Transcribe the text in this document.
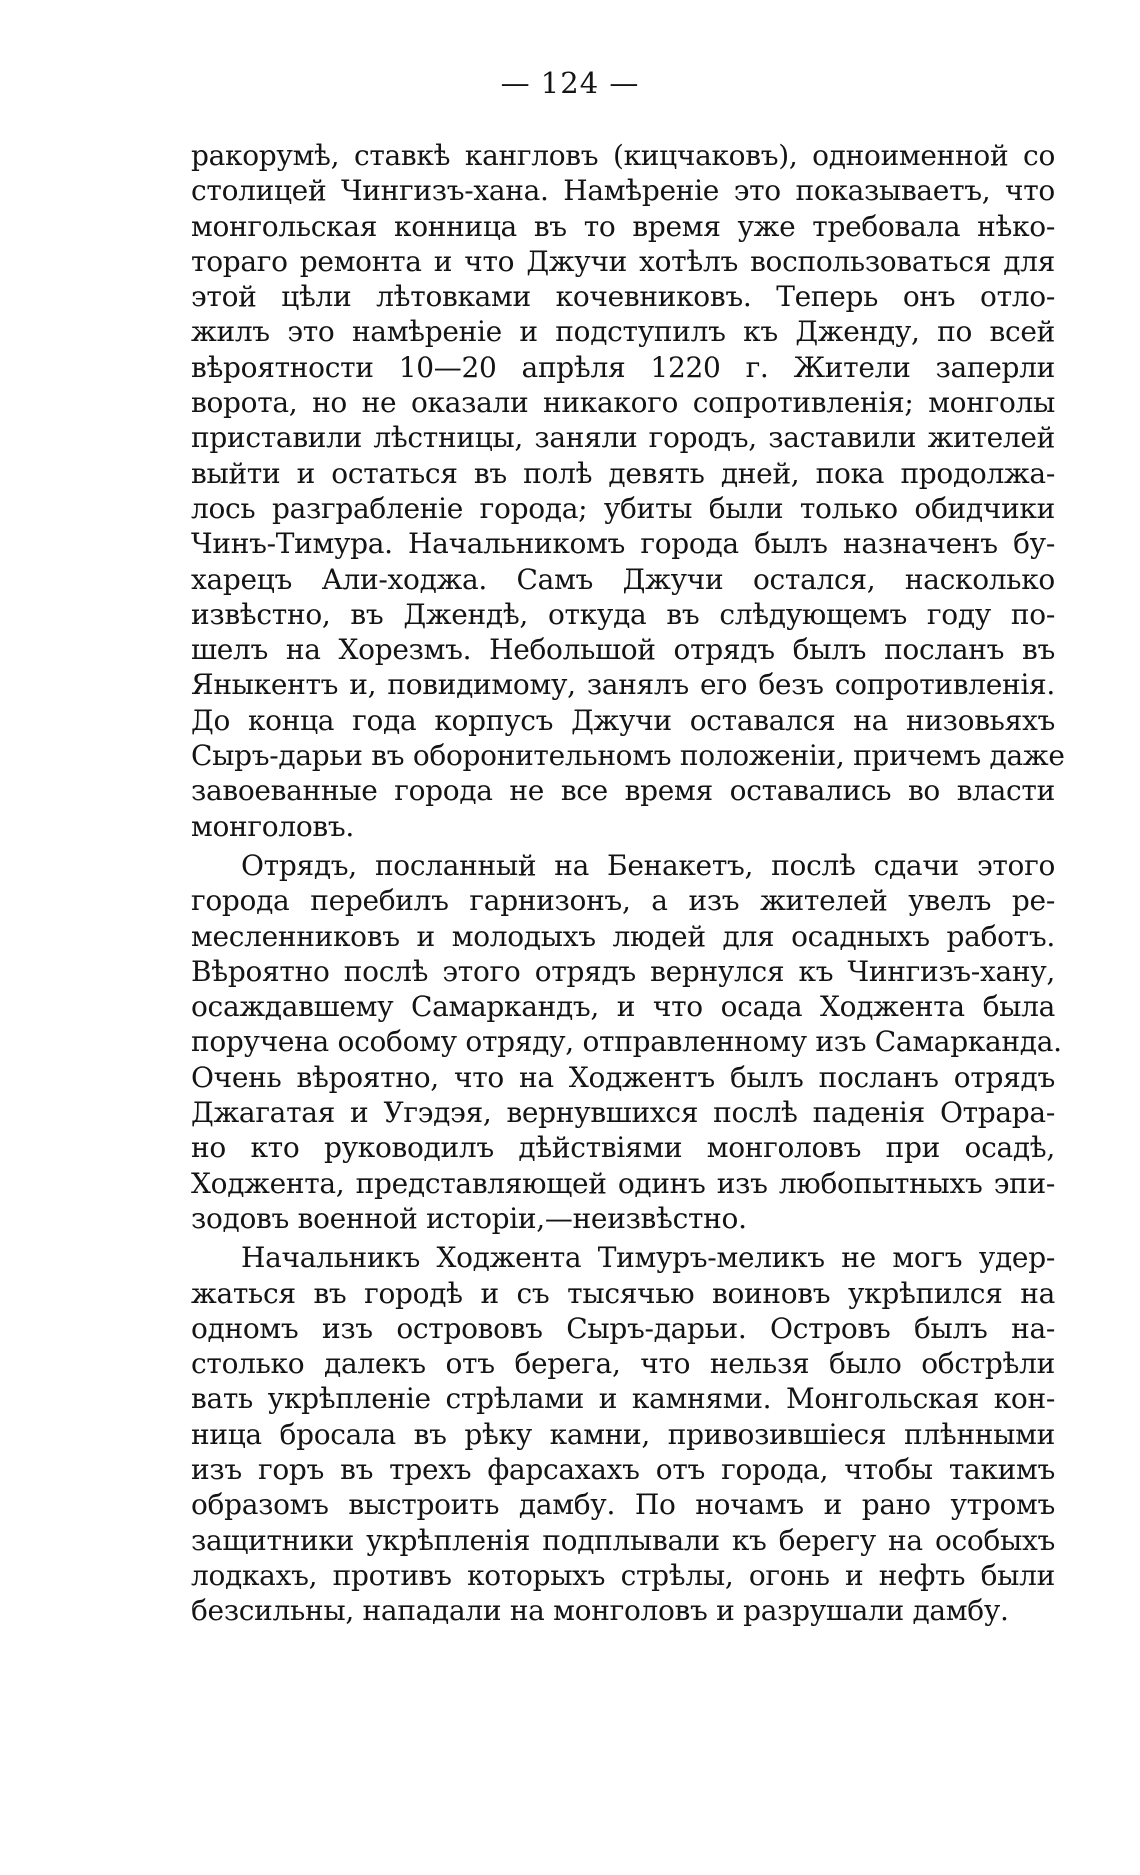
— 124 —
ракорумѣ, ставкѣ кангловъ (кицчаковъ), одноименной со
столицей Чингизъ-хана. Намѣреніе это показываетъ, что
монгольская конница въ то время уже требовала нѣко-
тораго ремонта и что Джучи хотѣлъ воспользоваться для
этой цѣли лѣтовками кочевниковъ. Теперь онъ отло-
жилъ это намѣреніе и подступилъ къ Дженду, по всей
вѣроятности 10—20 апрѣля 1220 г. Жители заперли
ворота, но не оказали никакого сопротивленія; монголы
приставили лѣстницы, заняли городъ, заставили жителей
выйти и остаться въ полѣ девять дней, пока продолжа-
лось разграбленіе города; убиты были только обидчики
Чинъ-Тимура. Начальникомъ города былъ назначенъ бу-
харецъ Али-ходжа. Самъ Джучи остался, насколько
извѣстно, въ Джендѣ, откуда въ слѣдующемъ году по-
шелъ на Хорезмъ. Небольшой отрядъ былъ посланъ въ
Яныкентъ и, повидимому, занялъ его безъ сопротивленія.
До конца года корпусъ Джучи оставался на низовьяхъ
Сыръ-дарьи въ оборонительномъ положеніи, причемъ даже
завоеванные города не все время оставались во власти
монголовъ.
Отрядъ, посланный на Бенакетъ, послѣ сдачи этого
города перебилъ гарнизонъ, а изъ жителей увелъ ре-
месленниковъ и молодыхъ людей для осадныхъ работъ.
Вѣроятно послѣ этого отрядъ вернулся къ Чингизъ-хану,
осаждавшему Самаркандъ, и что осада Ходжента была
поручена особому отряду, отправленному изъ Самарканда.
Очень вѣроятно, что на Ходжентъ былъ посланъ отрядъ
Джагатая и Угэдэя, вернувшихся послѣ паденія Отрара-
но кто руководилъ дѣйствіями монголовъ при осадѣ,
Ходжента, представляющей одинъ изъ любопытныхъ эпи-
зодовъ военной исторіи,—неизвѣстно.
Начальникъ Ходжента Тимуръ-меликъ не могъ удер-
жаться въ городѣ и съ тысячью воиновъ укрѣпился на
одномъ изъ острововъ Сыръ-дарьи. Островъ былъ на-
столько далекъ отъ берега, что нельзя было обстрѣли
вать укрѣпленіе стрѣлами и камнями. Монгольская кон-
ница бросала въ рѣку камни, привозившіеся плѣнными
изъ горъ въ трехъ фарсахахъ отъ города, чтобы такимъ
образомъ выстроить дамбу. По ночамъ и рано утромъ
защитники укрѣпленія подплывали къ берегу на особыхъ
лодкахъ, противъ которыхъ стрѣлы, огонь и нефть были
безсильны, нападали на монголовъ и разрушали дамбу.
